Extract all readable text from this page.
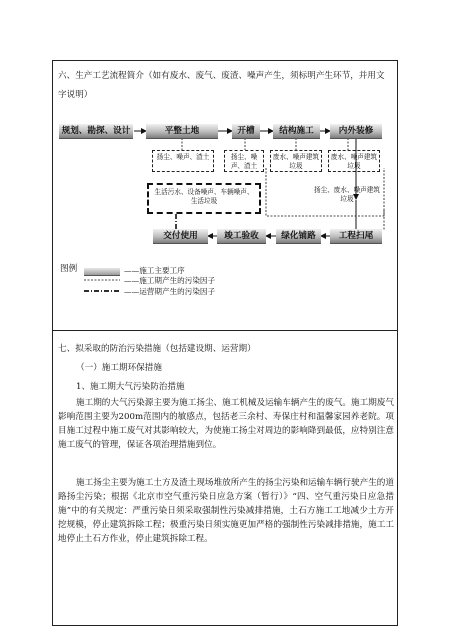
六、生产工艺流程简介（如有废水、废气、废渣、噪声产生，须标明产生环节，并用文
字说明）
规划、勘探、设计	平整土地	开槽	结构施工	内外装修
扬尘、噪声、渣土	扬尘、噪声、渣土
废水、噪声建筑垃圾
废水、噪声建筑垃圾
扬尘、废水、噪声建筑垃圾
生活污水、设备噪声、车辆噪声、生活垃圾
交付使用	竣工验收	绿化铺路	工程扫尾
图例	——施工主要工序
——施工期产生的污染因子
——运营期产生的污染因子
七、拟采取的防治污染措施（包括建设期、运营期）
（一）施工期环保措施
1、施工期大气污染防治措施
施工期的大气污染源主要为施工扬尘、施工机械及运输车辆产生的废气。施工期废气影响范围主要为200m范围内的敏感点，包括老三余村、寿保庄村和温馨家园养老院。项目施工过程中施工废气对其影响较大，为使施工扬尘对周边的影响降到最低，应特别注意施工废气的管理，保证各项治理措施到位。
施工扬尘主要为施工土方及渣土现场堆放所产生的扬尘污染和运输车辆行驶产生的道路扬尘污染；根据《北京市空气重污染日应急方案（暂行）》“四、空气重污染日应急措施”中的有关规定：严重污染日须采取强制性污染减排措施，土石方施工工地减少土方开挖规模，停止建筑拆除工程；极重污染日须实施更加严格的强制性污染减排措施，施工工地停止土石方作业，停止建筑拆除工程。
